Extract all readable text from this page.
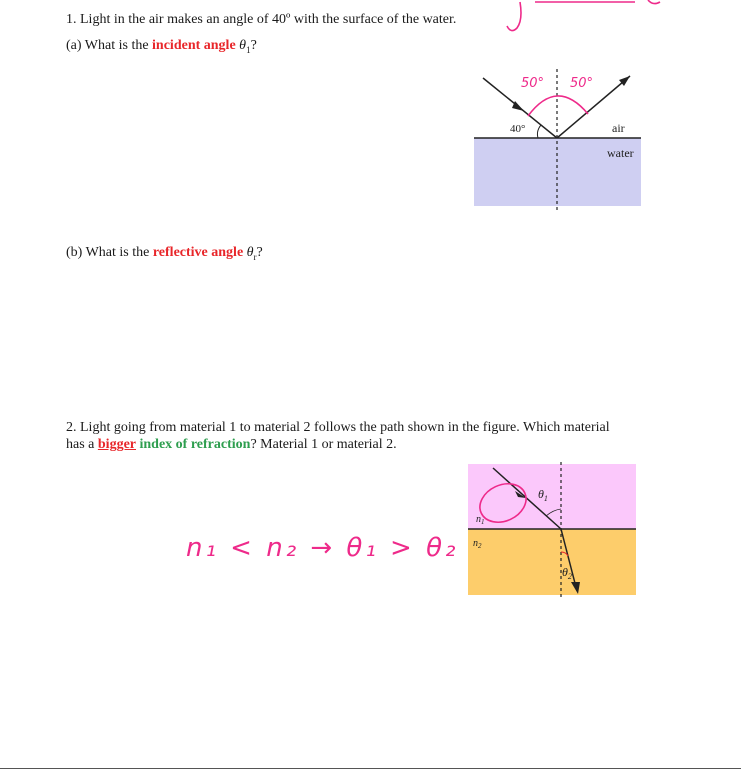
1. Light in the air makes an angle of 40º with the surface of the water.

(a) What is the incident angle $\theta_1$?

40°	air
water
50° 50°

(b) What is the reflective angle $\theta_r$?

2. Light going from material 1 to material 2 follows the path shown in the figure. Which material

has a bigger index of refraction? Material 1 or material 2.

$n_1$
$n_2$
$\theta_1$
$\theta_2$
n₁ < n₂ → θ₁ > θ₂
